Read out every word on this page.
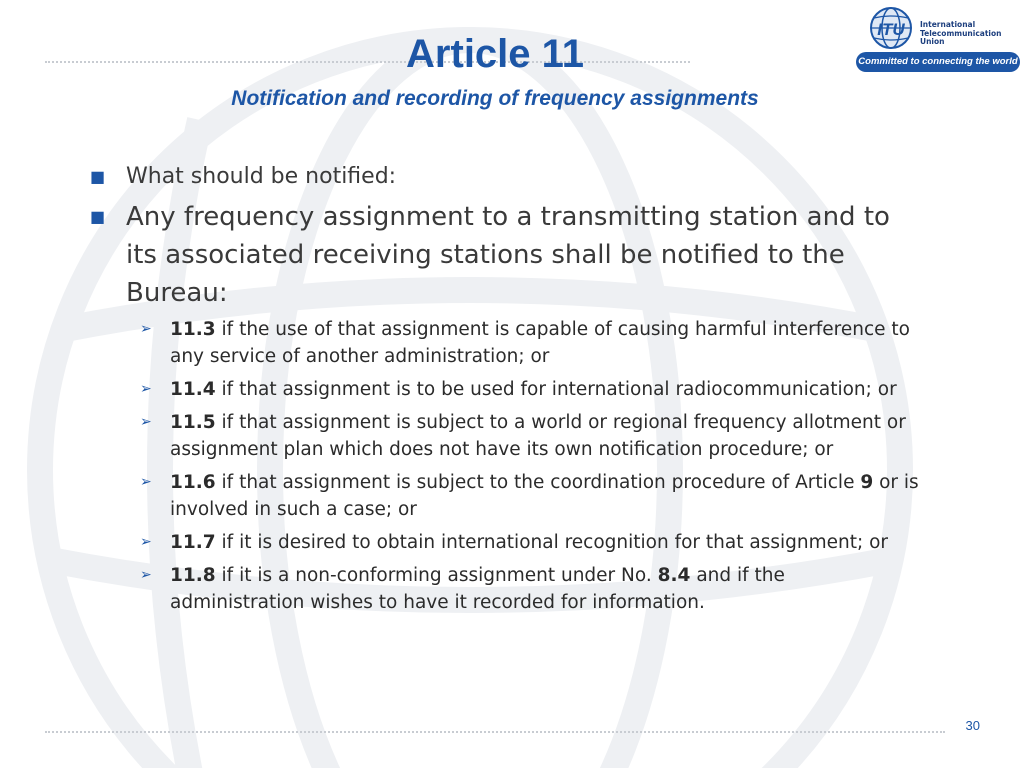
ITU International
Telecommunication
Union
Committed to connecting the world
Article 11
Notification and recording of frequency assignments
■ What should be notified:
■ Any frequency assignment to a transmitting station and to its associated receiving stations shall be notified to the Bureau:
➢ 11.3 if the use of that assignment is capable of causing harmful interference to any service of another administration; or
➢ 11.4 if that assignment is to be used for international radiocommunication; or
➢ 11.5 if that assignment is subject to a world or regional frequency allotment or assignment plan which does not have its own notification procedure; or
➢ 11.6 if that assignment is subject to the coordination procedure of Article 9 or is involved in such a case; or
➢ 11.7 if it is desired to obtain international recognition for that assignment; or
➢ 11.8 if it is a non-conforming assignment under No. 8.4 and if the administration wishes to have it recorded for information.
30
